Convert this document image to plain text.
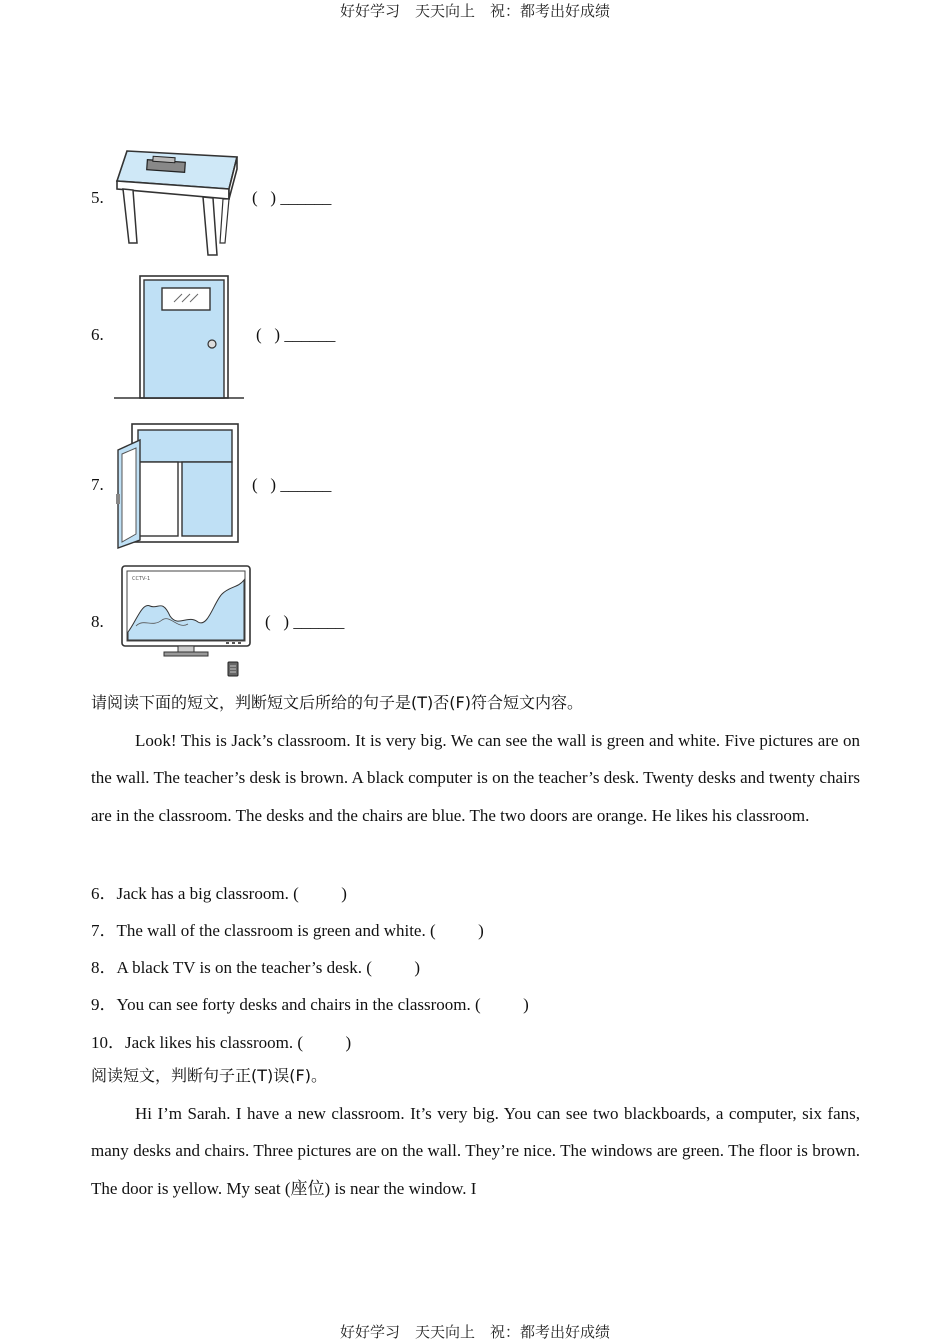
好好学习　天天向上　祝：都考出好成绩
5.	(   ) ______
6.	(   ) ______
7.	(   ) ______
8.
CCTV-1
(   ) ______
请阅读下面的短文，判断短文后所给的句子是(T)否(F)符合短文内容。
Look! This is Jack’s classroom. It is very big. We can see the wall is green and white. Five pictures are on the wall. The teacher’s desk is brown. A black computer is on the teacher’s desk. Twenty desks and twenty chairs are in the classroom. The desks and the chairs are blue. The two doors are orange. He likes his classroom.
6．Jack has a big classroom. (          )
7．The wall of the classroom is green and white. (          )
8．A black TV is on the teacher’s desk. (          )
9．You can see forty desks and chairs in the classroom. (          )
10．Jack likes his classroom. (          )
阅读短文，判断句子正(T)误(F)。
Hi I’m Sarah. I have a new classroom. It’s very big. You can see two blackboards, a computer, six fans, many desks and chairs. Three pictures are on the wall. They’re nice. The windows are green. The floor is brown. The door is yellow. My seat (座位) is near the window. I
好好学习　天天向上　祝：都考出好成绩
